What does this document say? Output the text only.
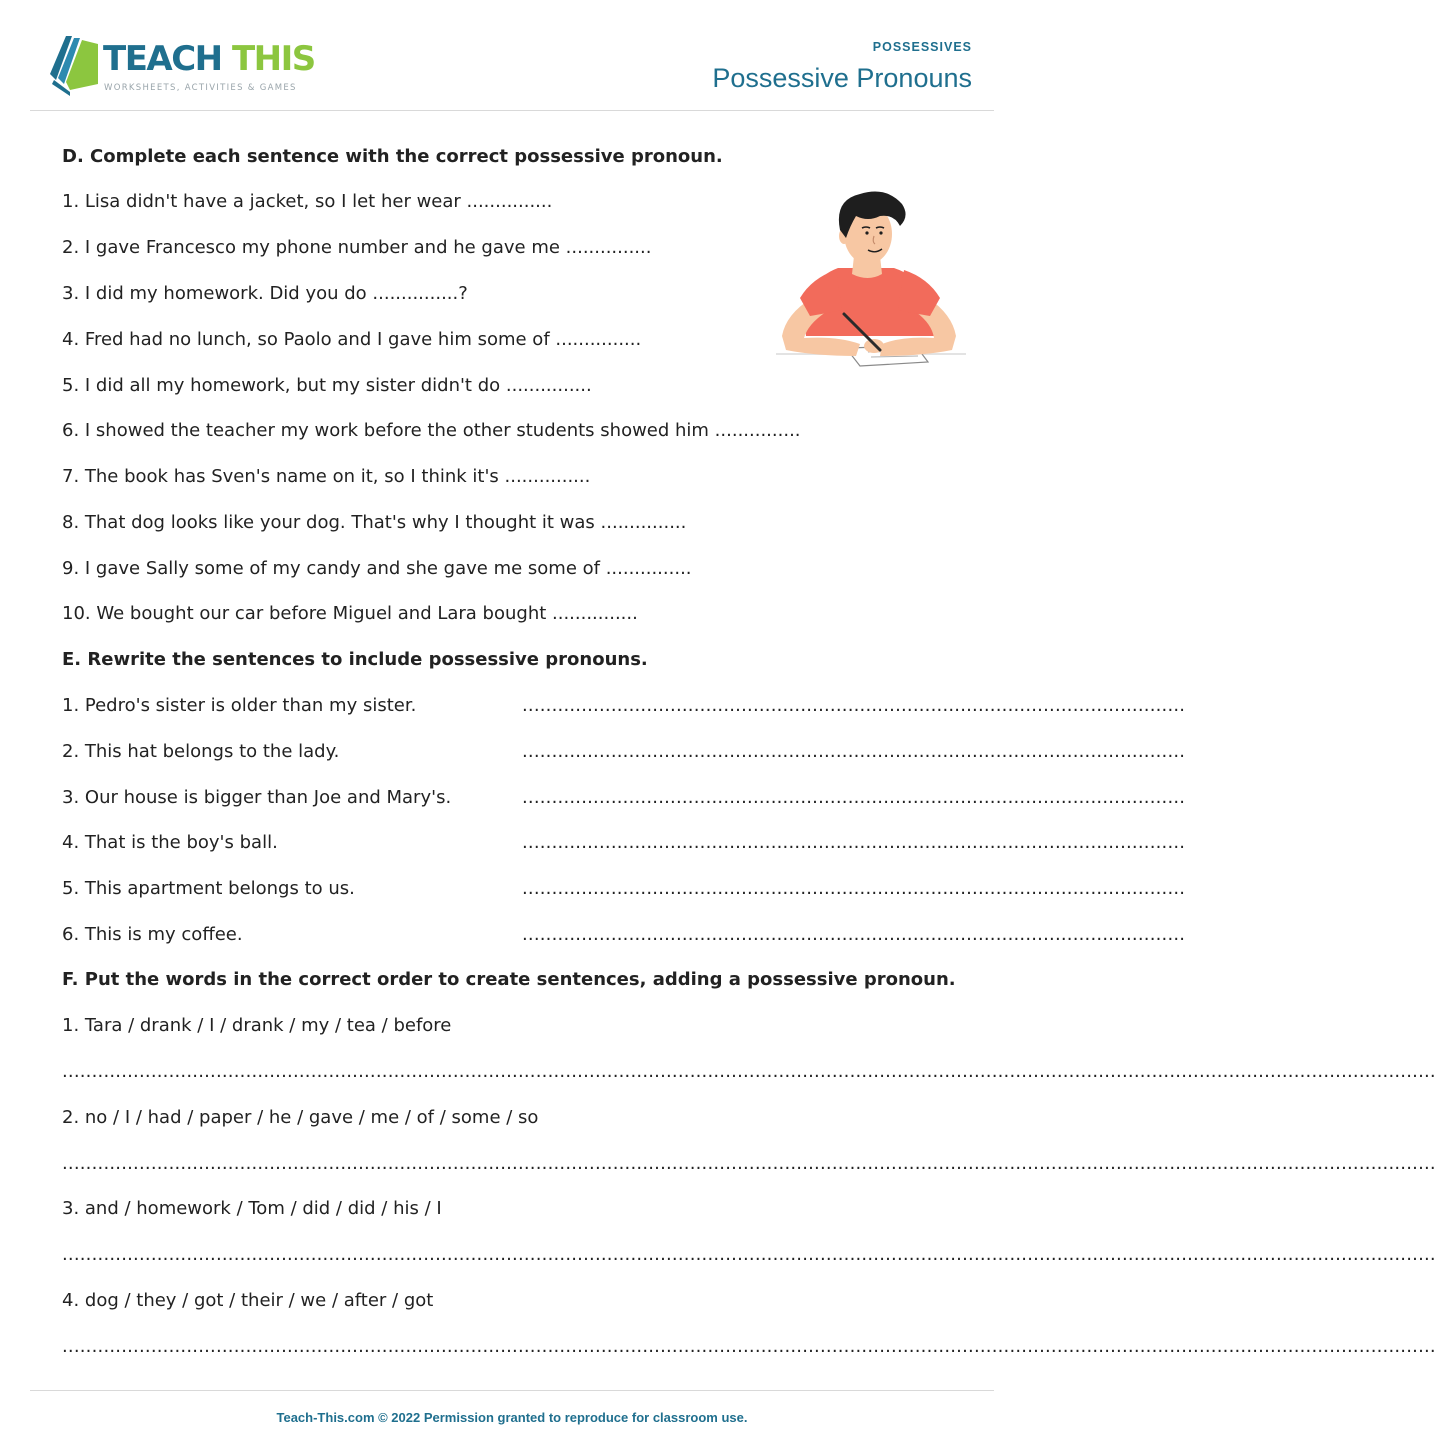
TEACH THIS
WORKSHEETS, ACTIVITIES & GAMES
POSSESSIVES
Possessive Pronouns
D. Complete each sentence with the correct possessive pronoun.
1. Lisa didn't have a jacket, so I let her wear ...............
2. I gave Francesco my phone number and he gave me ...............
3. I did my homework. Did you do ...............?
4. Fred had no lunch, so Paolo and I gave him some of ...............
5. I did all my homework, but my sister didn't do ...............
6. I showed the teacher my work before the other students showed him ...............
7. The book has Sven's name on it, so I think it's ...............
8. That dog looks like your dog. That's why I thought it was ...............
9. I gave Sally some of my candy and she gave me some of ...............
10. We bought our car before Miguel and Lara bought ...............
E. Rewrite the sentences to include possessive pronouns.
1. Pedro's sister is older than my sister.	................................................................................................................
2. This hat belongs to the lady.	................................................................................................................
3. Our house is bigger than Joe and Mary's.	................................................................................................................
4. That is the boy's ball.	................................................................................................................
5. This apartment belongs to us.	................................................................................................................
6. This is my coffee.	................................................................................................................
F. Put the words in the correct order to create sentences, adding a possessive pronoun.
1. Tara / drank / I / drank / my / tea / before
........................................................................................................................................................................................................................................
2. no / I / had / paper / he / gave / me / of / some / so
........................................................................................................................................................................................................................................
3. and / homework / Tom / did / did / his / I
........................................................................................................................................................................................................................................
4. dog / they / got / their / we / after / got
........................................................................................................................................................................................................................................
Teach-This.com © 2022 Permission granted to reproduce for classroom use.
